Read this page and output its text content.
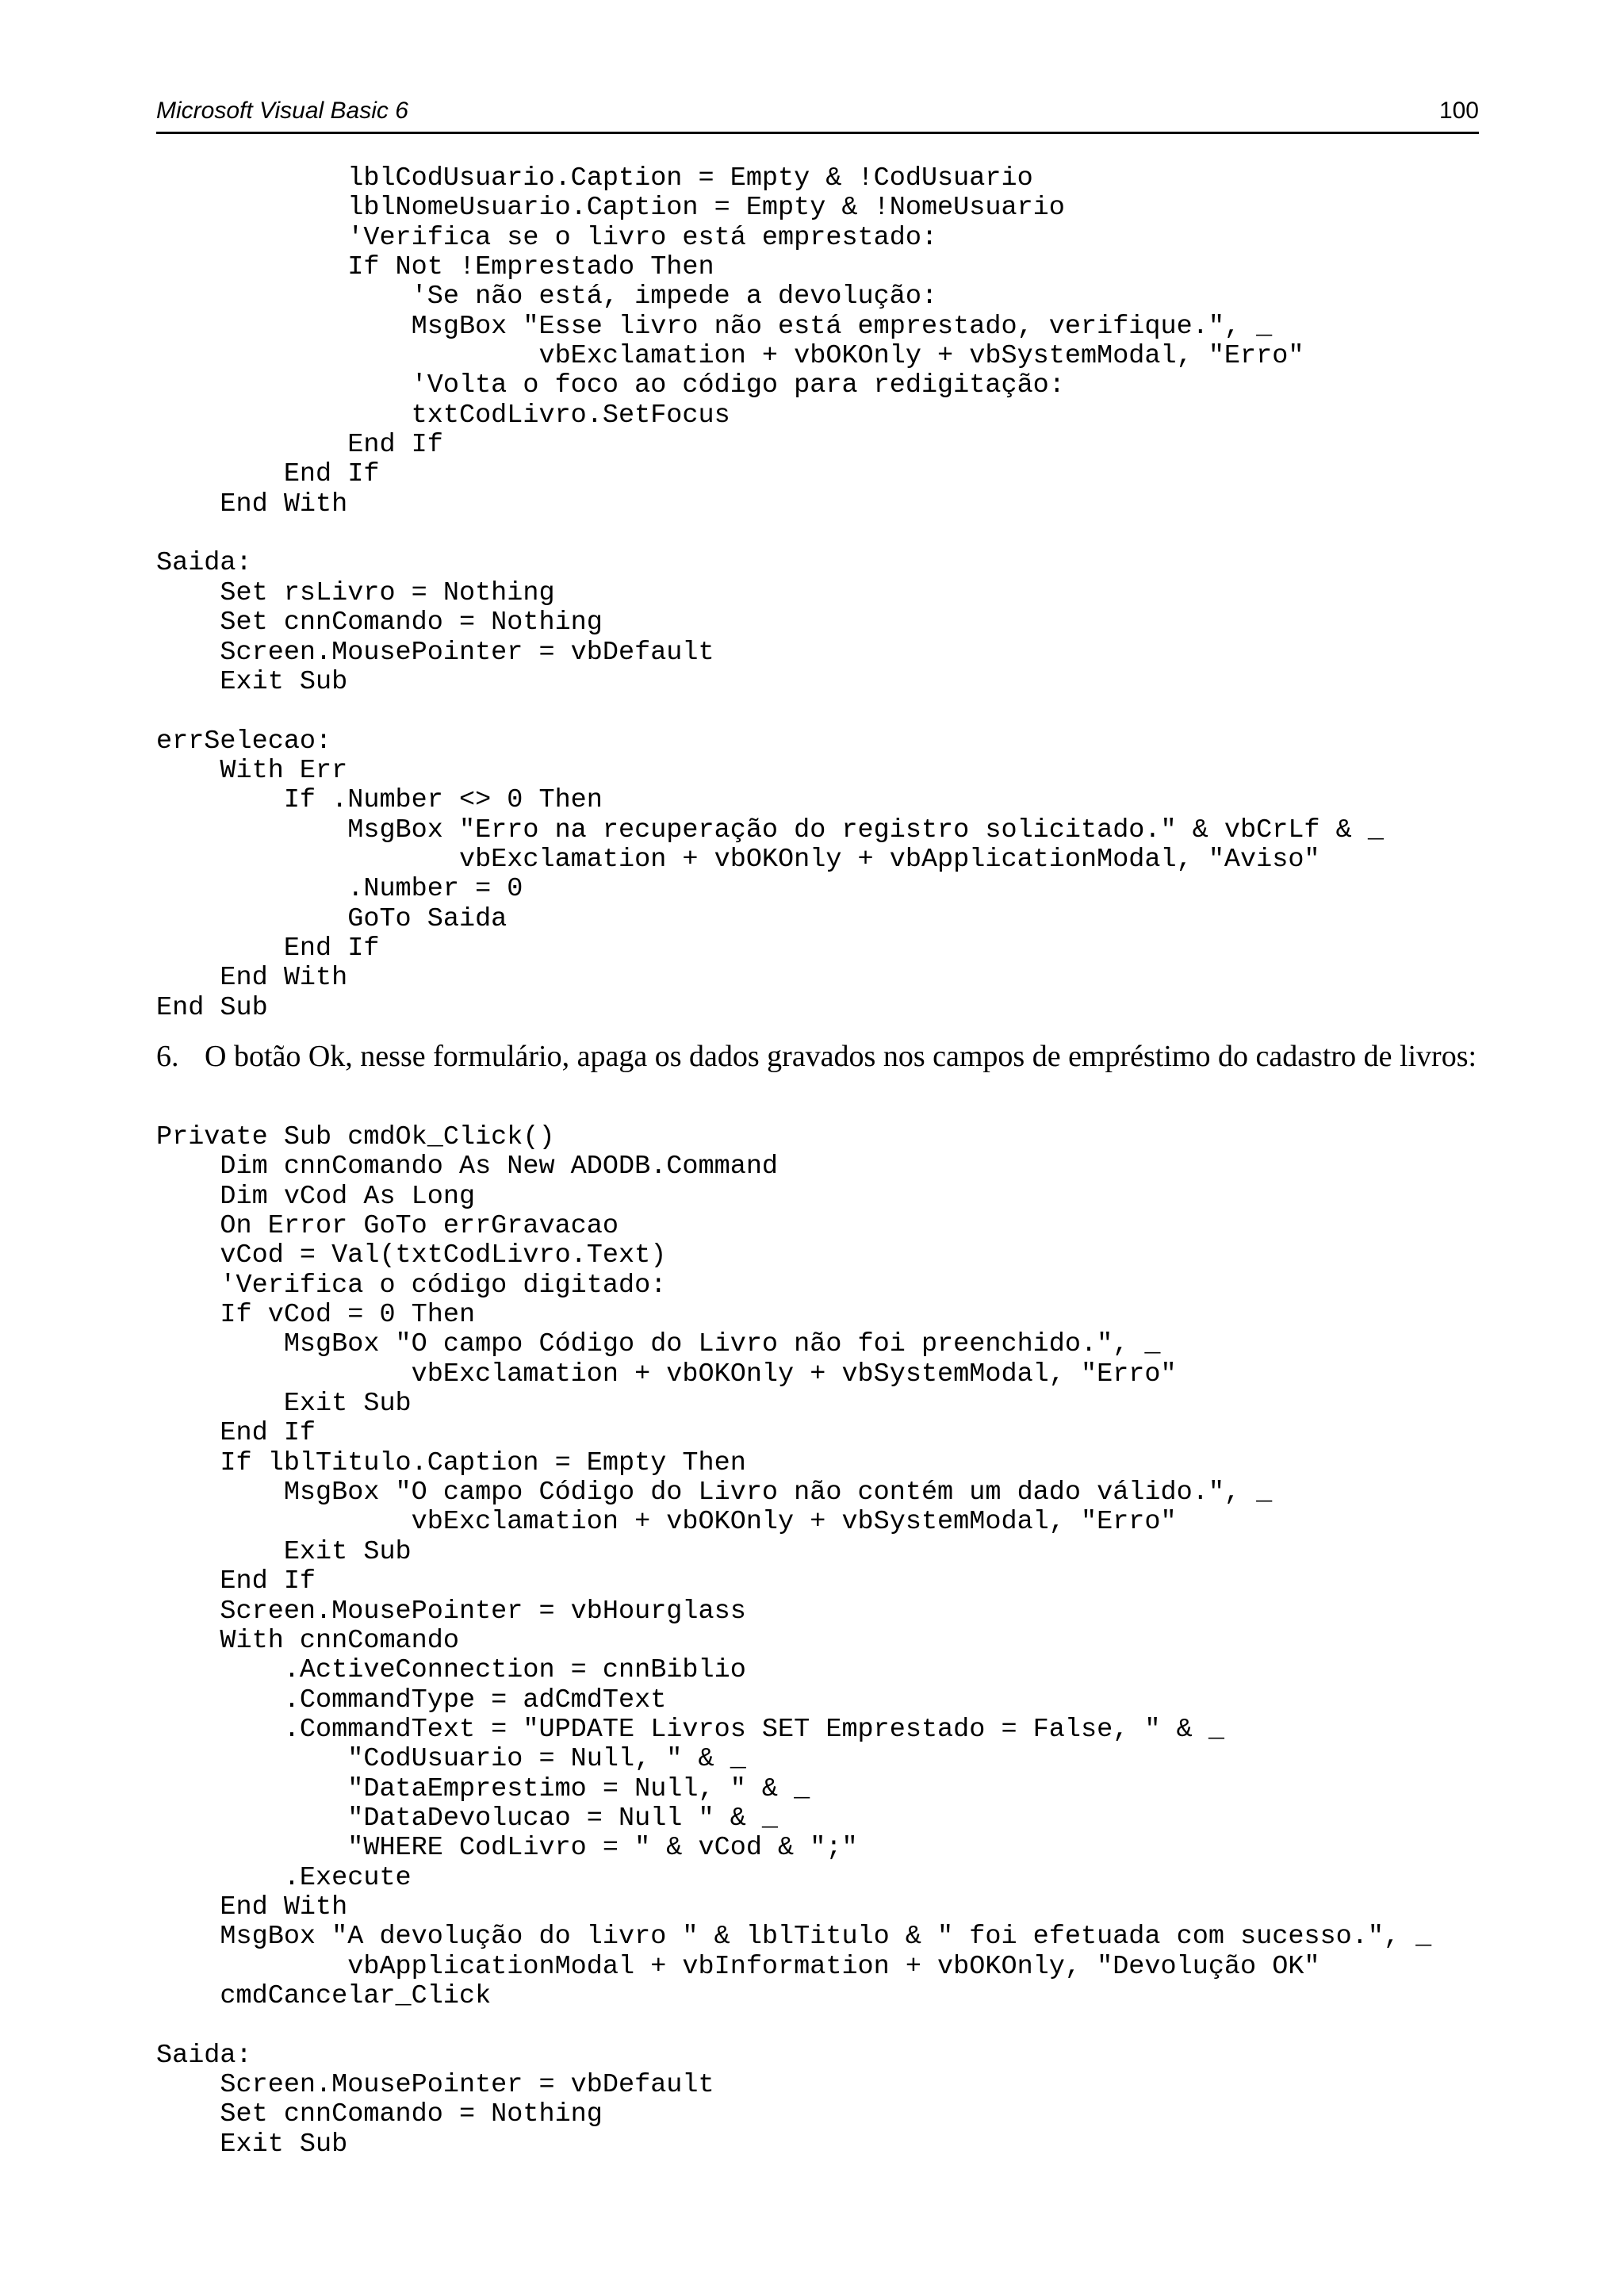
Microsoft Visual Basic 6	100
lblCodUsuario.Caption = Empty & !CodUsuario
lblNomeUsuario.Caption = Empty & !NomeUsuario
'Verifica se o livro está emprestado:
If Not !Emprestado Then
'Se não está, impede a devolução:
MsgBox "Esse livro não está emprestado, verifique.", _
vbExclamation + vbOKOnly + vbSystemModal, "Erro"
'Volta o foco ao código para redigitação:
txtCodLivro.SetFocus
End If
End If
End With

Saida:
Set rsLivro = Nothing
Set cnnComando = Nothing
Screen.MousePointer = vbDefault
Exit Sub

errSelecao:
With Err
If .Number <> 0 Then
MsgBox "Erro na recuperação do registro solicitado." & vbCrLf & _
vbExclamation + vbOKOnly + vbApplicationModal, "Aviso"
.Number = 0
GoTo Saida
End If
End With
End Sub
6. O botão Ok, nesse formulário, apaga os dados gravados nos campos de empréstimo do cadastro de livros:
Private Sub cmdOk_Click()
Dim cnnComando As New ADODB.Command
Dim vCod As Long
On Error GoTo errGravacao
vCod = Val(txtCodLivro.Text)
'Verifica o código digitado:
If vCod = 0 Then
MsgBox "O campo Código do Livro não foi preenchido.", _
vbExclamation + vbOKOnly + vbSystemModal, "Erro"
Exit Sub
End If
If lblTitulo.Caption = Empty Then
MsgBox "O campo Código do Livro não contém um dado válido.", _
vbExclamation + vbOKOnly + vbSystemModal, "Erro"
Exit Sub
End If
Screen.MousePointer = vbHourglass
With cnnComando
.ActiveConnection = cnnBiblio
.CommandType = adCmdText
.CommandText = "UPDATE Livros SET Emprestado = False, " & _
"CodUsuario = Null, " & _
"DataEmprestimo = Null, " & _
"DataDevolucao = Null " & _
"WHERE CodLivro = " & vCod & ";"
.Execute
End With
MsgBox "A devolução do livro " & lblTitulo & " foi efetuada com sucesso.", _
vbApplicationModal + vbInformation + vbOKOnly, "Devolução OK"
cmdCancelar_Click

Saida:
Screen.MousePointer = vbDefault
Set cnnComando = Nothing
Exit Sub
